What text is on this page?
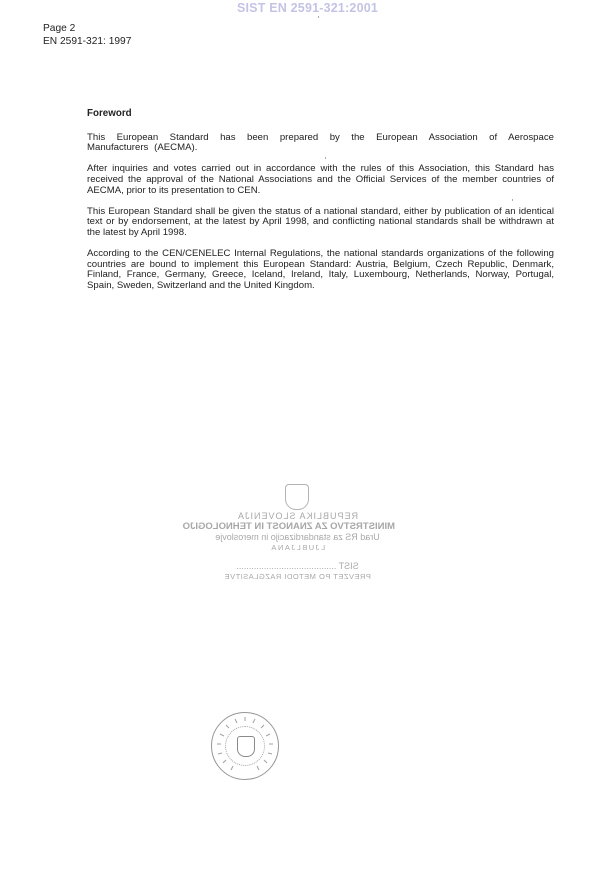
SIST EN 2591-321:2001
Page 2
EN 2591-321: 1997
Foreword

This European Standard has been prepared by the European Association of Aerospace Manufacturers (AECMA).

After inquiries and votes carried out in accordance with the rules of this Association, this Standard has received the approval of the National Associations and the Official Services of the member countries of AECMA, prior to its presentation to CEN.

This European Standard shall be given the status of a national standard, either by publication of an identical text or by endorsement, at the latest by April 1998, and conflicting national standards shall be withdrawn at the latest by April 1998.

According to the CEN/CENELEC Internal Regulations, the national standards organizations of the following countries are bound to implement this European Standard: Austria, Belgium, Czech Republic, Denmark, Finland, France, Germany, Greece, Iceland, Ireland, Italy, Luxembourg, Netherlands, Norway, Portugal, Spain, Sweden, Switzerland and the United Kingdom.

REPUBLIKA SLOVENIJA
MINISTRSTVO ZA ZNANOST IN TEHNOLOGIJO
Urad RS za standardizacijo in meroslovje
LJUBLJANA
SIST ........................................
PREVZET PO METODI RAZGLASITVE
